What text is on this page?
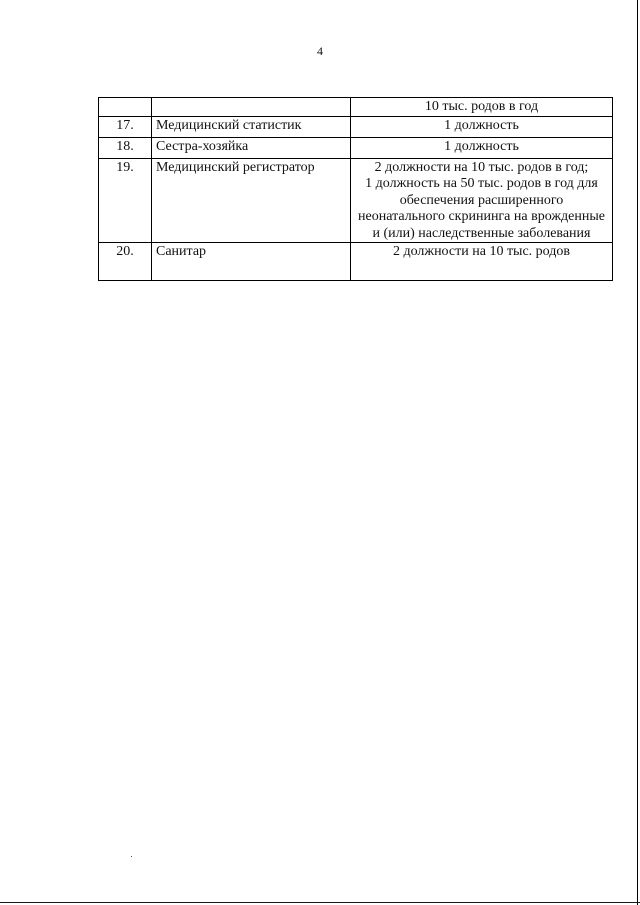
4
		10 тыс. родов в год
17.	Медицинский статистик	1 должность

18.	Сестра-хозяйка	1 должность

19.	Медицинский регистратор	2 должности на 10 тыс. родов в год;
1 должность на 50 тыс. родов в год для
обеспечения расширенного
неонатального скрининга на врожденные
и (или) наследственные заболевания

20.	Санитар	2 должности на 10 тыс. родов
